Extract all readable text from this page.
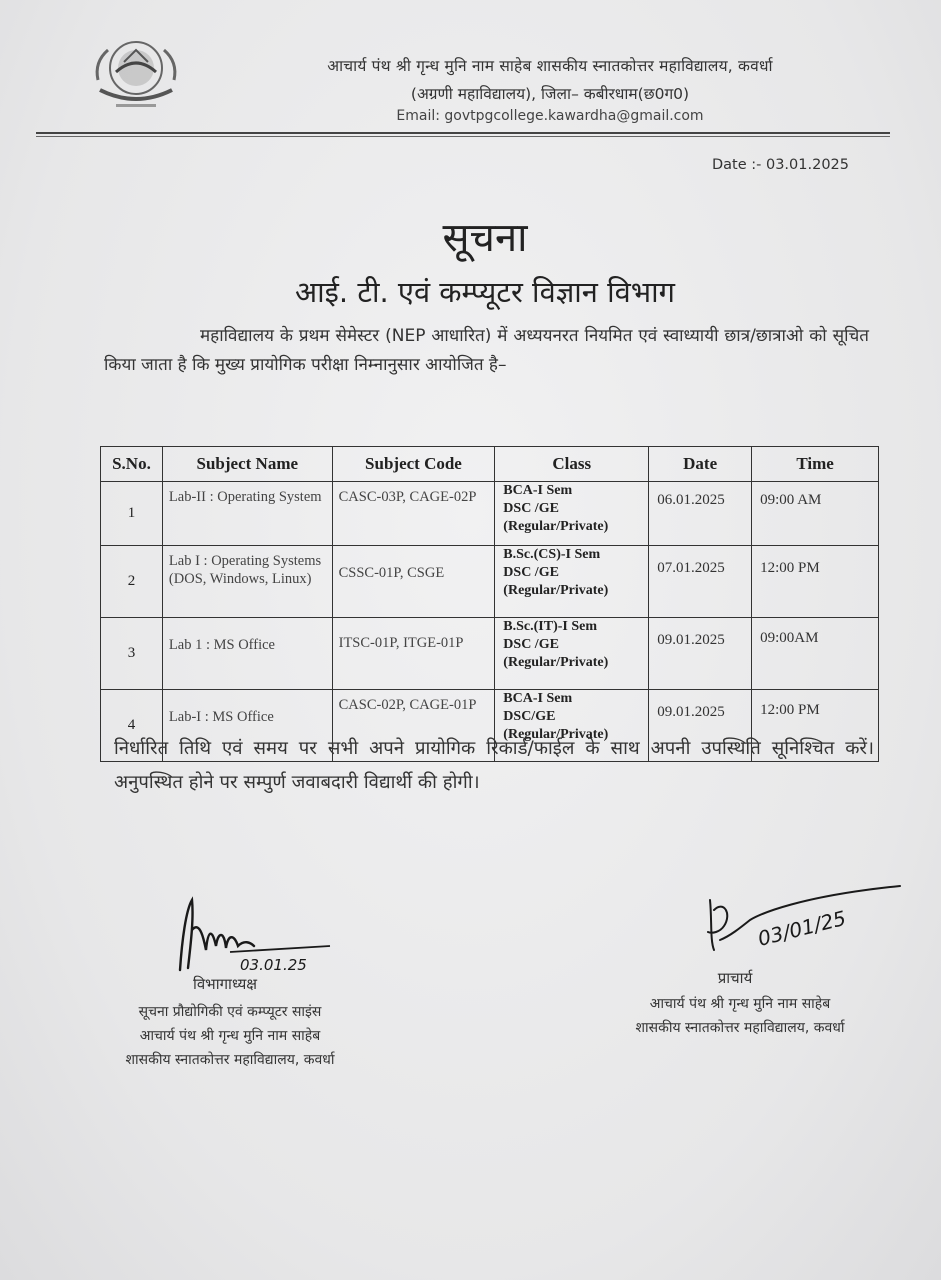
आचार्य पंथ श्री गृन्ध मुनि नाम साहेब शासकीय स्नातकोत्तर महाविद्यालय, कवर्धा
(अग्रणी महाविद्यालय), जिला– कबीरधाम(छ0ग0)
Email: govtpgcollege.kawardha@gmail.com
Date :- 03.01.2025
सूचना
आई. टी. एवं कम्प्यूटर विज्ञान विभाग
महाविद्यालय के प्रथम सेमेस्टर (NEP आधारित) में अध्ययनरत नियमित एवं स्वाध्यायी छात्र/छात्राओ को सूचित किया जाता है कि मुख्य प्रायोगिक परीक्षा निम्नानुसार आयोजित है–
S.No.	Subject Name	Subject Code	Class	Date	Time
1	Lab-II : Operating System	CASC-03P, CAGE-02P	BCA-I Sem
DSC /GE
(Regular/Private)	06.01.2025	09:00 AM
2	Lab I : Operating Systems (DOS, Windows, Linux)	CSSC-01P, CSGE	B.Sc.(CS)-I Sem
DSC /GE
(Regular/Private)	07.01.2025	12:00 PM
3	Lab 1 : MS Office	ITSC-01P, ITGE-01P	B.Sc.(IT)-I Sem
DSC /GE
(Regular/Private)	09.01.2025	09:00AM
4	Lab-I : MS Office	CASC-02P, CAGE-01P	BCA-I Sem
DSC/GE
(Regular/Private)	09.01.2025	12:00 PM
निर्धारित तिथि एवं समय पर सभी अपने प्रायोगिक रिकार्ड/फाईल के साथ अपनी उपस्थिति सूनिश्चित करें। अनुपस्थित होने पर सम्पुर्ण जवाबदारी विद्यार्थी की होगी।
03.01.25
विभागाध्यक्ष
सूचना प्रौद्योगिकी एवं कम्प्यूटर साइंस
आचार्य पंथ श्री गृन्ध मुनि नाम साहेब
शासकीय स्नातकोत्तर महाविद्यालय, कवर्धा
03/01/25
प्राचार्य
आचार्य पंथ श्री गृन्ध मुनि नाम साहेब
शासकीय स्नातकोत्तर महाविद्यालय, कवर्धा
